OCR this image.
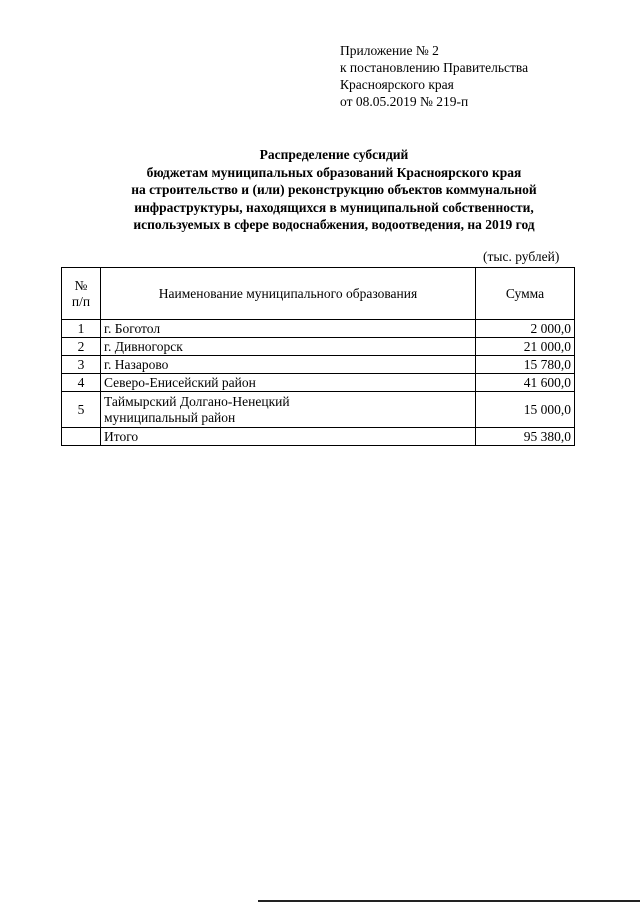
Приложение № 2
к постановлению Правительства
Красноярского края
от 08.05.2019 № 219-п
Распределение субсидий
бюджетам муниципальных образований Красноярского края
на строительство и (или) реконструкцию объектов коммунальной
инфраструктуры, находящихся в муниципальной собственности,
используемых в сфере водоснабжения, водоотведения, на 2019 год
(тыс. рублей)
№
п/п	Наименование муниципального образования	Сумма
1	г. Боготол	2 000,0
2	г. Дивногорск	21 000,0
3	г. Назарово	15 780,0
4	Северо-Енисейский район	41 600,0
5	Таймырский Долгано-Ненецкий
муниципальный район	15 000,0
	Итого	95 380,0
